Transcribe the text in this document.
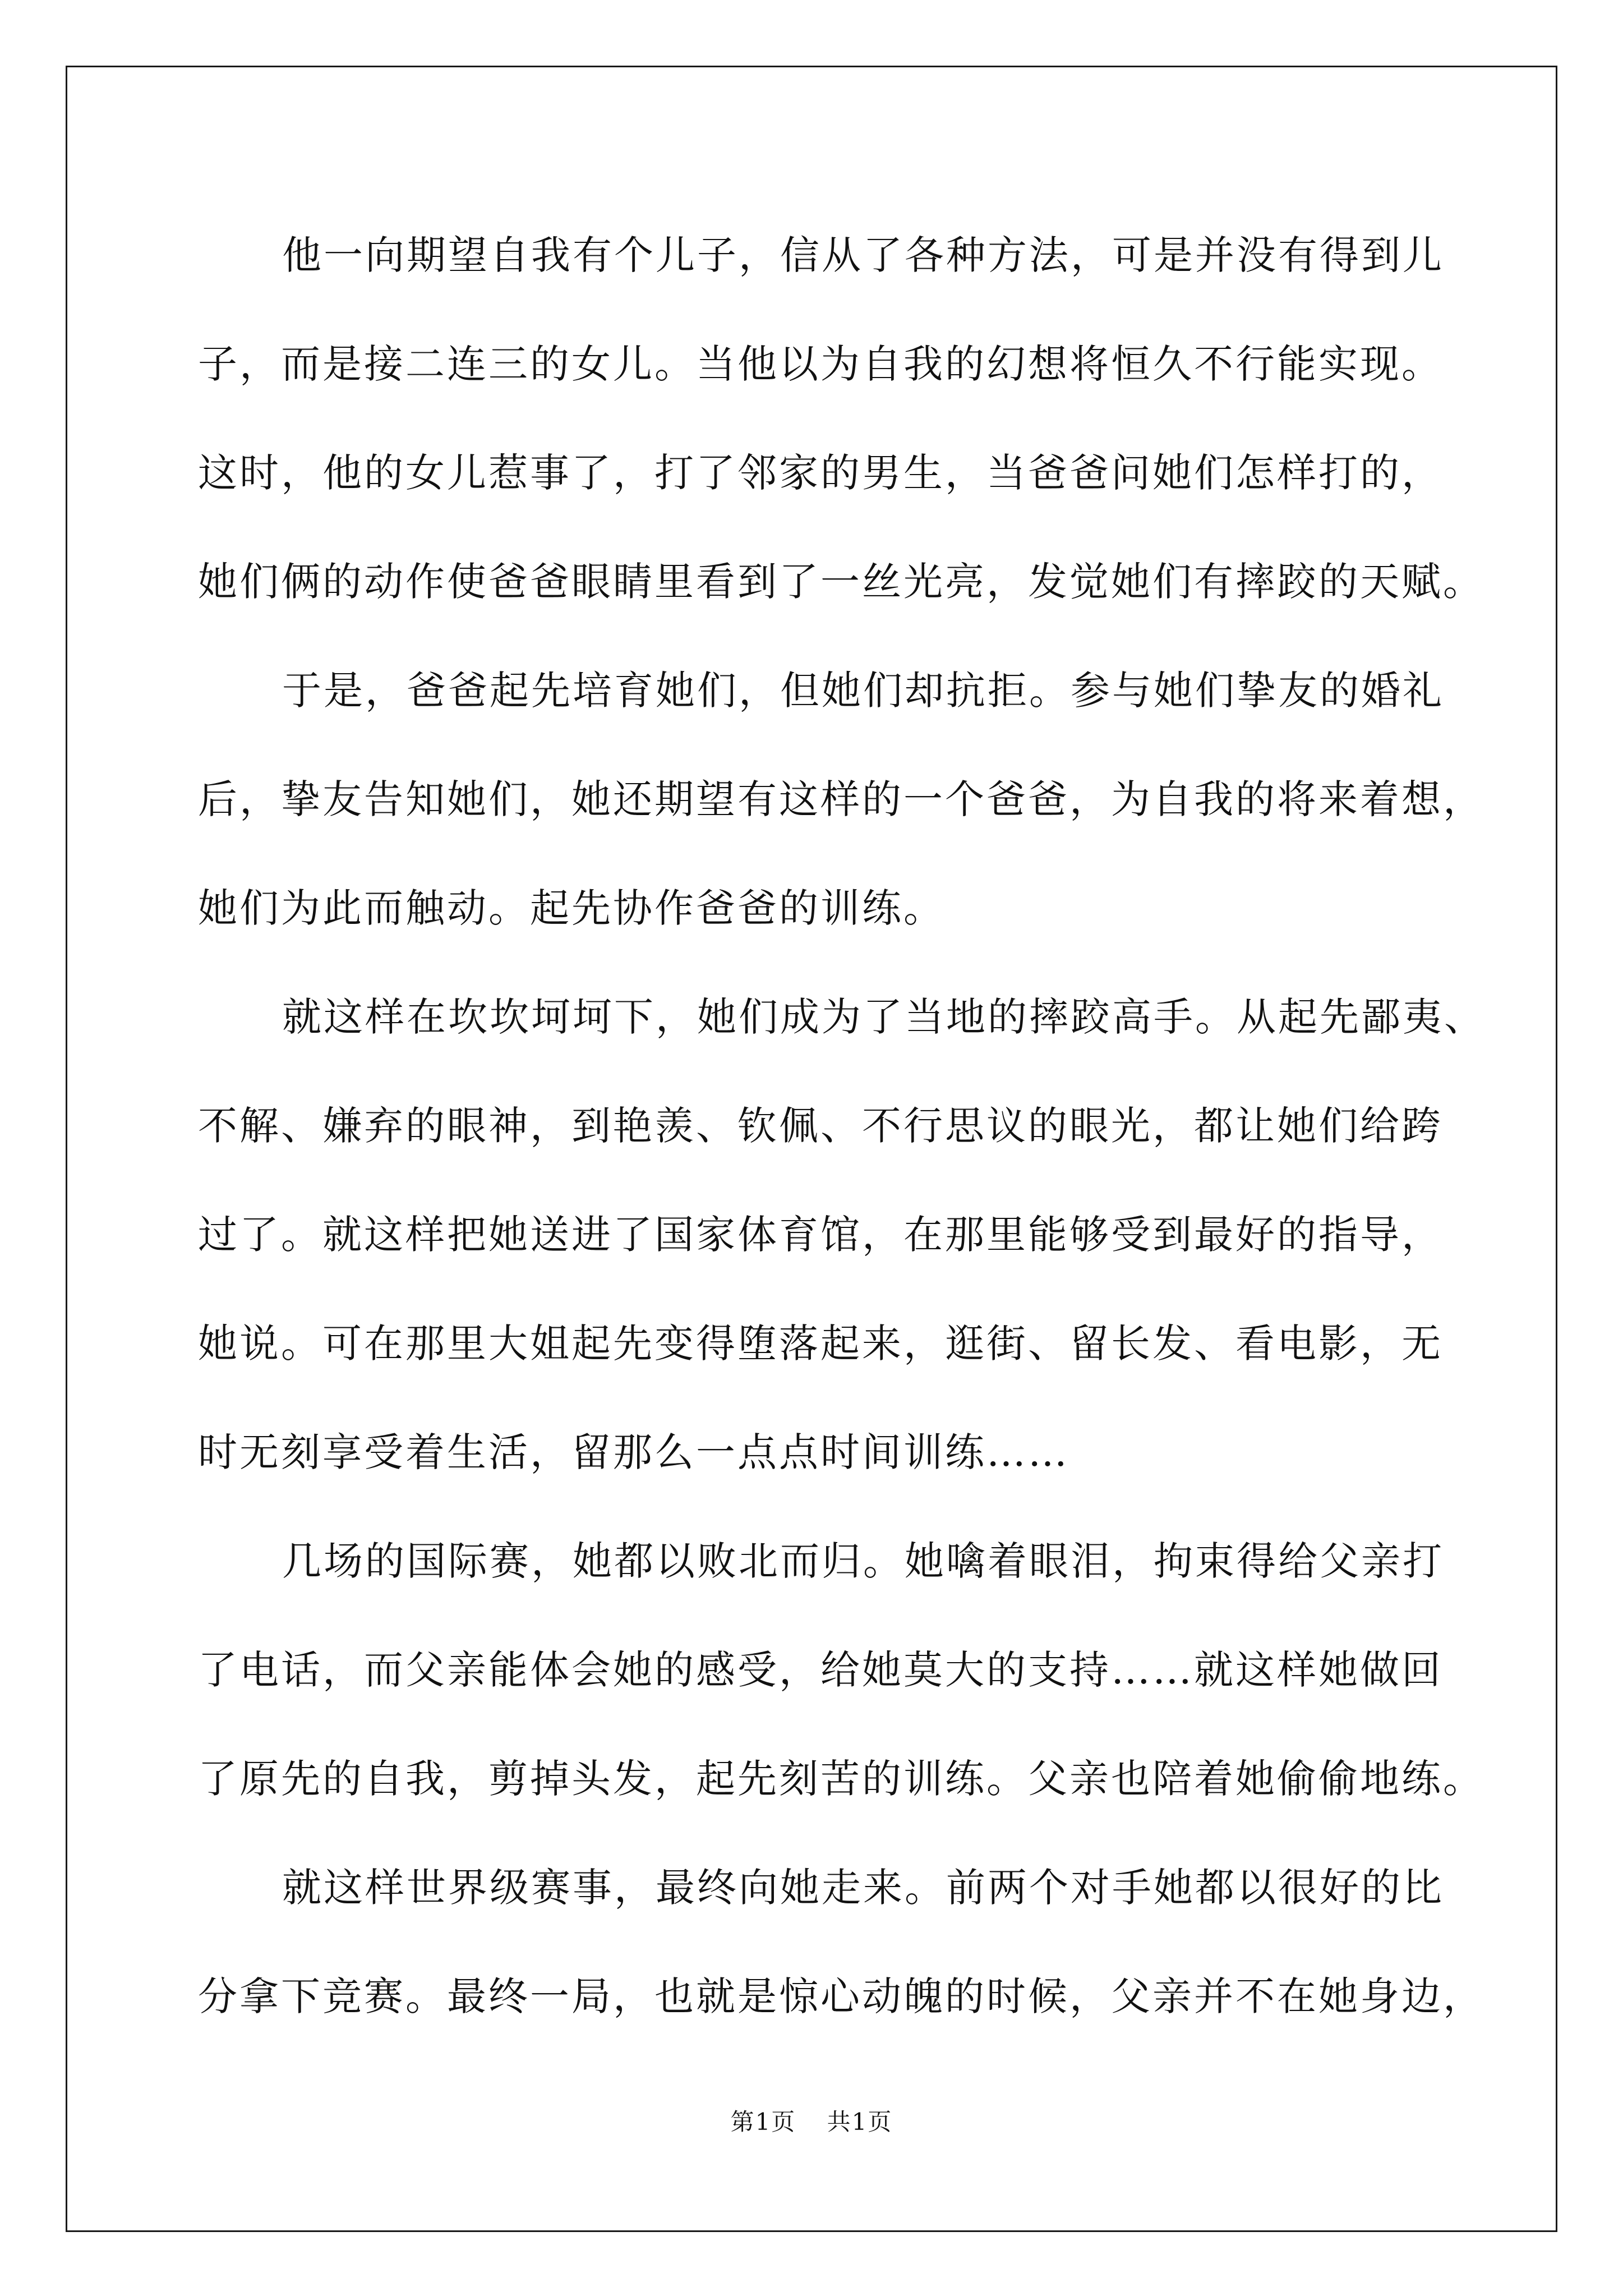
他一向期望自我有个儿子，信从了各种方法，可是并没有得到儿
子，而是接二连三的女儿。当他以为自我的幻想将恒久不行能实现。
这时，他的女儿惹事了，打了邻家的男生，当爸爸问她们怎样打的，
她们俩的动作使爸爸眼睛里看到了一丝光亮，发觉她们有摔跤的天赋。
于是，爸爸起先培育她们，但她们却抗拒。参与她们挚友的婚礼
后，挚友告知她们，她还期望有这样的一个爸爸，为自我的将来着想，
她们为此而触动。起先协作爸爸的训练。
就这样在坎坎坷坷下，她们成为了当地的摔跤高手。从起先鄙夷、
不解、嫌弃的眼神，到艳羡、钦佩、不行思议的眼光，都让她们给跨
过了。就这样把她送进了国家体育馆，在那里能够受到最好的指导，
她说。可在那里大姐起先变得堕落起来，逛街、留长发、看电影，无
时无刻享受着生活，留那么一点点时间训练……
几场的国际赛，她都以败北而归。她噙着眼泪，拘束得给父亲打
了电话，而父亲能体会她的感受，给她莫大的支持……就这样她做回
了原先的自我，剪掉头发，起先刻苦的训练。父亲也陪着她偷偷地练。
就这样世界级赛事，最终向她走来。前两个对手她都以很好的比
分拿下竞赛。最终一局，也就是惊心动魄的时候，父亲并不在她身边，
第1页 共1页
